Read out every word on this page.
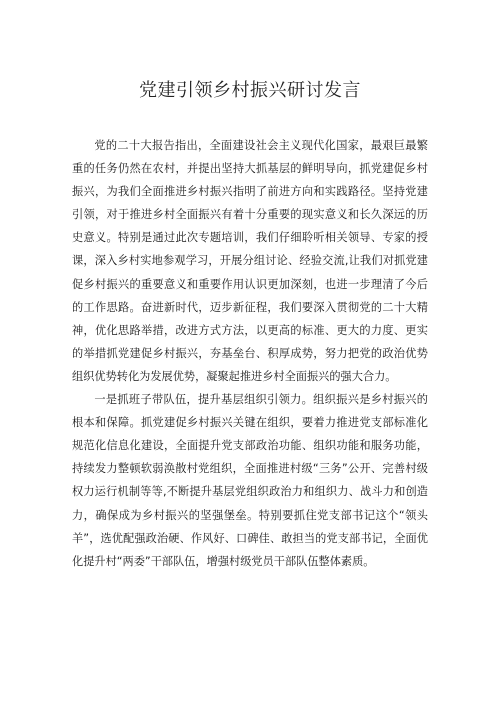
党建引领乡村振兴研讨发言

党的二十大报告指出，全面建设社会主义现代化国家，最艰巨最繁重的任务仍然在农村，并提出坚持大抓基层的鲜明导向，抓党建促乡村振兴，为我们全面推进乡村振兴指明了前进方向和实践路径。坚持党建引领，对于推进乡村全面振兴有着十分重要的现实意义和长久深远的历史意义。特别是通过此次专题培训，我们仔细聆听相关领导、专家的授课，深入乡村实地参观学习，开展分组讨论、经验交流,让我们对抓党建促乡村振兴的重要意义和重要作用认识更加深刻，也进一步理清了今后的工作思路。奋进新时代，迈步新征程，我们要深入贯彻党的二十大精神，优化思路举措，改进方式方法，以更高的标准、更大的力度、更实的举措抓党建促乡村振兴，夯基垒台、积厚成势，努力把党的政治优势组织优势转化为发展优势，凝聚起推进乡村全面振兴的强大合力。

一是抓班子带队伍，提升基层组织引领力。组织振兴是乡村振兴的根本和保障。抓党建促乡村振兴关键在组织，要着力推进党支部标准化规范化信息化建设，全面提升党支部政治功能、组织功能和服务功能，持续发力整顿软弱涣散村党组织，全面推进村级“三务”公开、完善村级权力运行机制等等,不断提升基层党组织政治力和组织力、战斗力和创造力，确保成为乡村振兴的坚强堡垒。特别要抓住党支部书记这个“领头羊”，选优配强政治硬、作风好、口碑佳、敢担当的党支部书记，全面优化提升村“两委”干部队伍，增强村级党员干部队伍整体素质。
